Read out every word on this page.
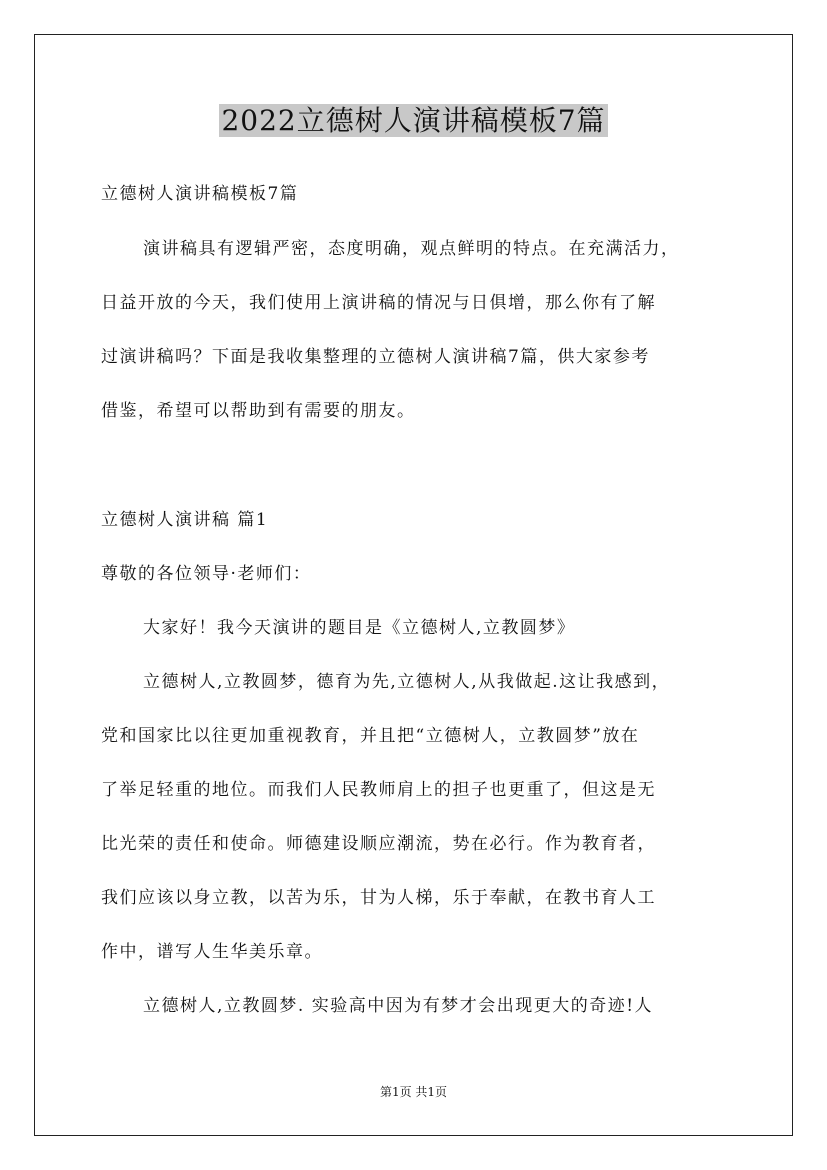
2022立德树人演讲稿模板7篇
立德树人演讲稿模板7篇
演讲稿具有逻辑严密，态度明确，观点鲜明的特点。在充满活力，
日益开放的今天，我们使用上演讲稿的情况与日俱增，那么你有了解
过演讲稿吗？下面是我收集整理的立德树人演讲稿7篇，供大家参考
借鉴，希望可以帮助到有需要的朋友。
立德树人演讲稿 篇1
尊敬的各位领导·老师们：
大家好！我今天演讲的题目是《立德树人,立教圆梦》
立德树人,立教圆梦，德育为先,立德树人,从我做起.这让我感到，
党和国家比以往更加重视教育，并且把“立德树人，立教圆梦”放在
了举足轻重的地位。而我们人民教师肩上的担子也更重了，但这是无
比光荣的责任和使命。师德建设顺应潮流，势在必行。作为教育者，
我们应该以身立教，以苦为乐，甘为人梯，乐于奉献，在教书育人工
作中，谱写人生华美乐章。
立德树人,立教圆梦. 实验高中因为有梦才会出现更大的奇迹!人
第1页 共1页
